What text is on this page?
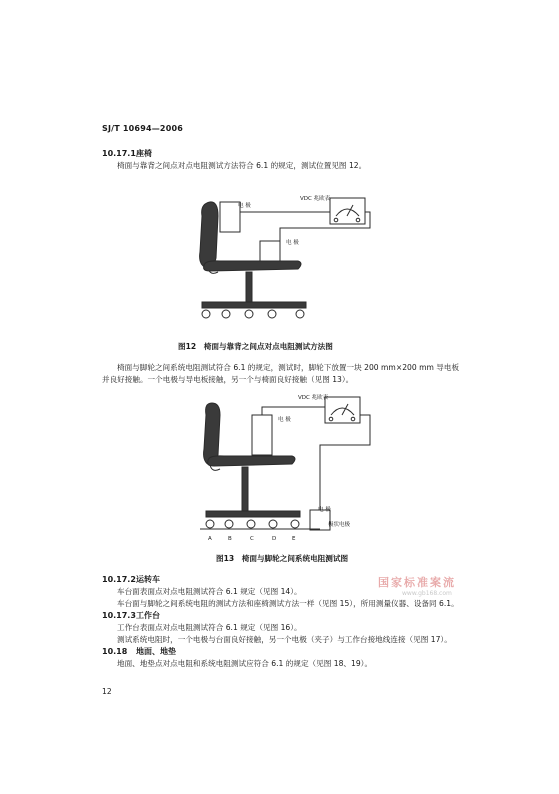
SJ/T 10694—2006
10.17.1座椅
椅面与靠背之间点对点电阻测试方法符合 6.1 的规定，测试位置见图 12。
VDC 兆欧表
电 极
电 极
图12　椅面与靠背之间点对点电阻测试方法图
椅面与脚轮之间系统电阻测试符合 6.1 的规定，测试时，脚轮下放置一块 200 mm×200 mm 导电板
并良好接触。一个电极与导电板接触，另一个与椅面良好接触（见图 13）。
VDC 兆欧表
电 极
电 极
极状电极
A	B	C	D	E
图13　椅面与脚轮之间系统电阻测试图
10.17.2运转车
车台面表面点对点电阻测试符合 6.1 规定（见图 14）。
车台面与脚轮之间系统电阻的测试方法和座椅测试方法一样（见图 15），所用测量仪器、设备同 6.1。
国家标准案流
www.gb168.com
10.17.3工作台
工作台表面点对点电阻测试符合 6.1 规定（见图 16）。
测试系统电阻时，一个电极与台面良好接触，另一个电极（夹子）与工作台接地线连接（见图 17）。
10.18 地面、地垫
地面、地垫点对点电阻和系统电阻测试应符合 6.1 的规定（见图 18、19）。
12
